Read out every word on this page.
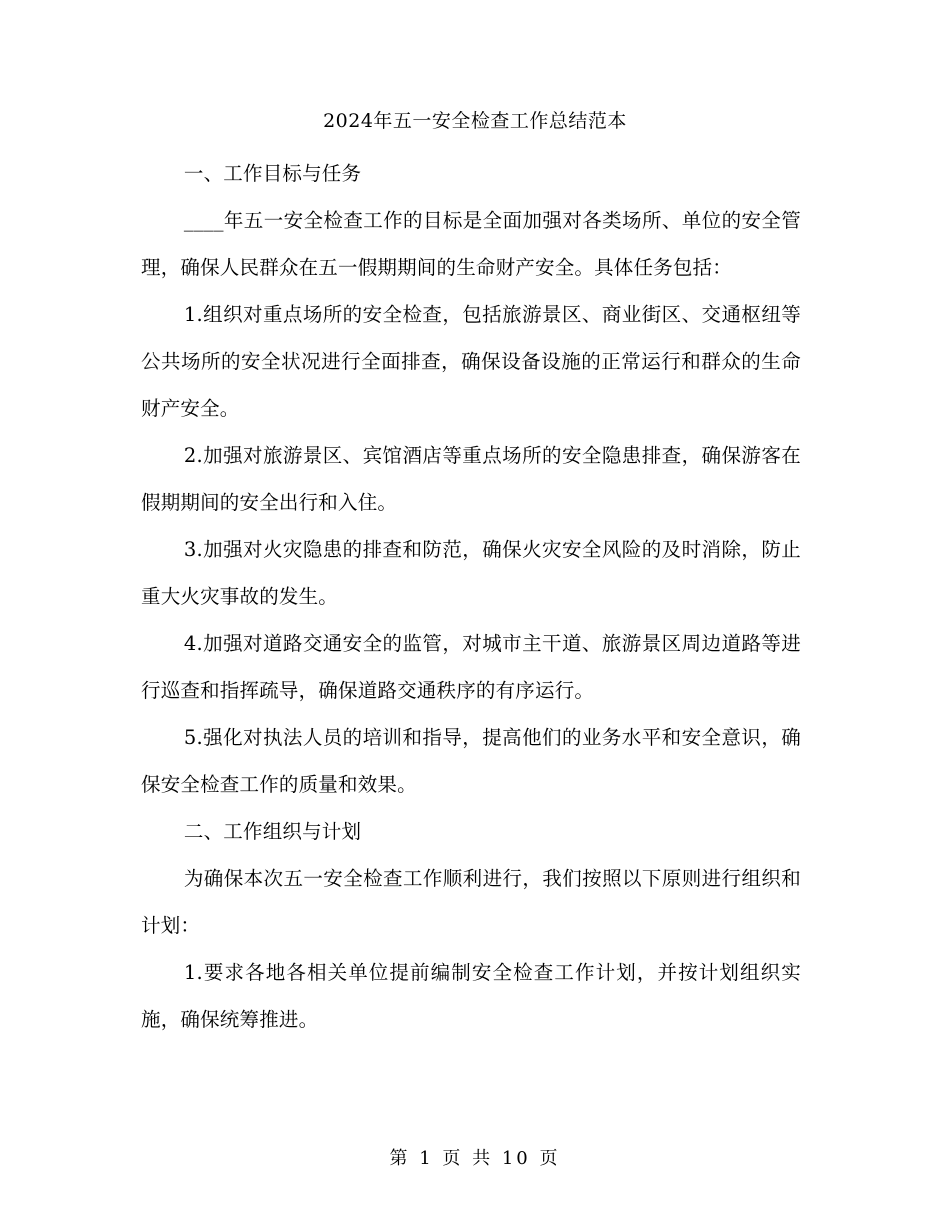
2024年五一安全检查工作总结范本

一、工作目标与任务

____年五一安全检查工作的目标是全面加强对各类场所、单位的安全管理，确保人民群众在五一假期期间的生命财产安全。具体任务包括：

1.组织对重点场所的安全检查，包括旅游景区、商业街区、交通枢纽等公共场所的安全状况进行全面排查，确保设备设施的正常运行和群众的生命财产安全。

2.加强对旅游景区、宾馆酒店等重点场所的安全隐患排查，确保游客在假期期间的安全出行和入住。

3.加强对火灾隐患的排查和防范，确保火灾安全风险的及时消除，防止重大火灾事故的发生。

4.加强对道路交通安全的监管，对城市主干道、旅游景区周边道路等进行巡查和指挥疏导，确保道路交通秩序的有序运行。

5.强化对执法人员的培训和指导，提高他们的业务水平和安全意识，确保安全检查工作的质量和效果。

二、工作组织与计划

为确保本次五一安全检查工作顺利进行，我们按照以下原则进行组织和计划：

1.要求各地各相关单位提前编制安全检查工作计划，并按计划组织实施，确保统筹推进。

第 1 页 共 10 页
